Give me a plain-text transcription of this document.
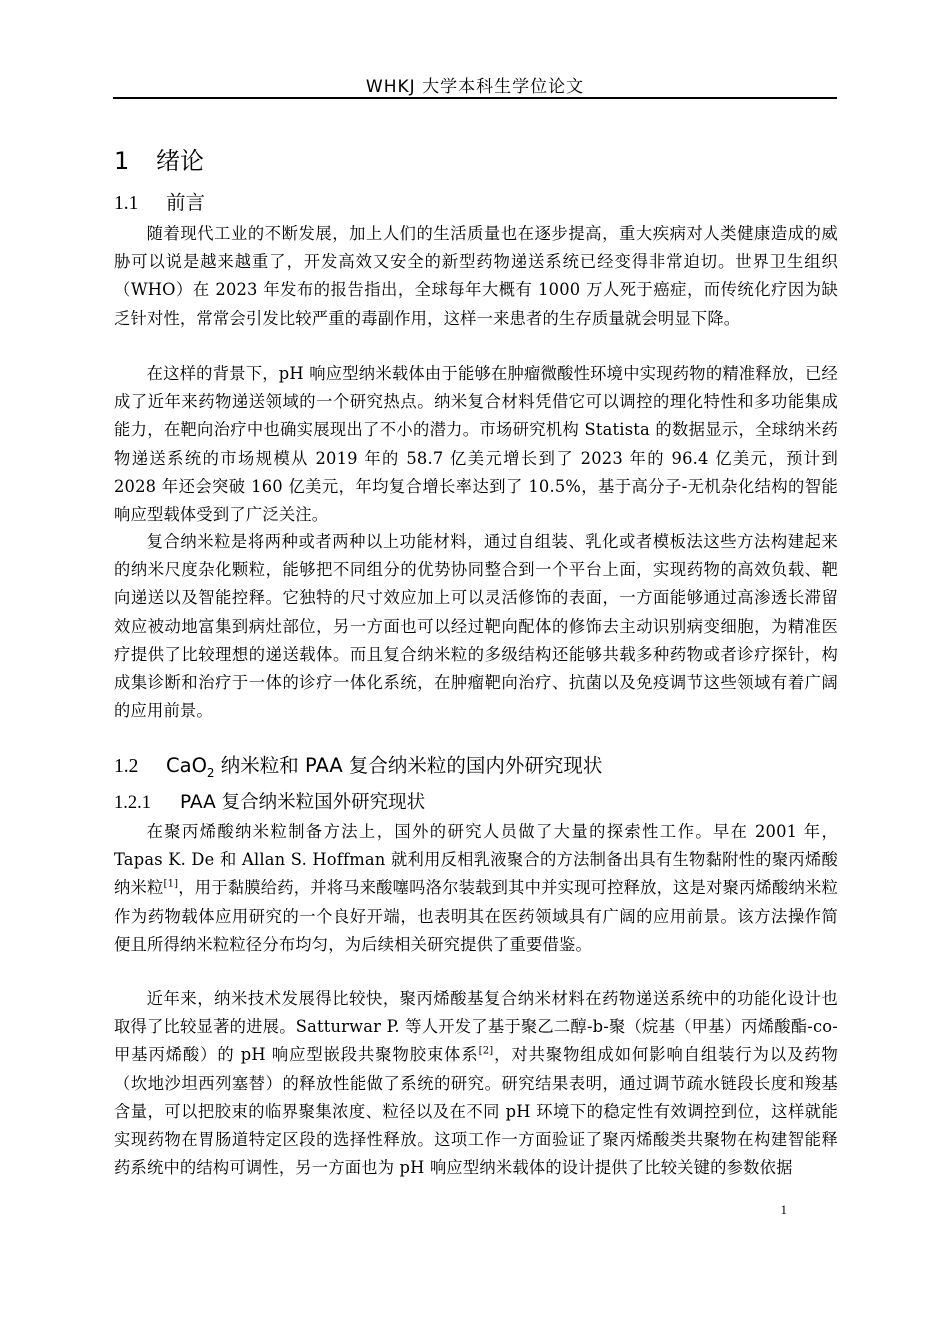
WHKJ 大学本科生学位论文
1 绪论
1.1 前言

随着现代工业的不断发展，加上人们的生活质量也在逐步提高，重大疾病对人类健康造成的威胁可以说是越来越重了，开发高效又安全的新型药物递送系统已经变得非常迫切。世界卫生组织（WHO）在 2023 年发布的报告指出，全球每年大概有 1000 万人死于癌症，而传统化疗因为缺乏针对性，常常会引发比较严重的毒副作用，这样一来患者的生存质量就会明显下降。

在这样的背景下，pH 响应型纳米载体由于能够在肿瘤微酸性环境中实现药物的精准释放，已经成了近年来药物递送领域的一个研究热点。纳米复合材料凭借它可以调控的理化特性和多功能集成能力，在靶向治疗中也确实展现出了不小的潜力。市场研究机构 Statista 的数据显示，全球纳米药物递送系统的市场规模从 2019 年的 58.7 亿美元增长到了 2023 年的 96.4 亿美元，预计到 2028 年还会突破 160 亿美元，年均复合增长率达到了 10.5%，基于高分子-无机杂化结构的智能响应型载体受到了广泛关注。

复合纳米粒是将两种或者两种以上功能材料，通过自组装、乳化或者模板法这些方法构建起来的纳米尺度杂化颗粒，能够把不同组分的优势协同整合到一个平台上面，实现药物的高效负载、靶向递送以及智能控释。它独特的尺寸效应加上可以灵活修饰的表面，一方面能够通过高渗透长滞留效应被动地富集到病灶部位，另一方面也可以经过靶向配体的修饰去主动识别病变细胞，为精准医疗提供了比较理想的递送载体。而且复合纳米粒的多级结构还能够共载多种药物或者诊疗探针，构成集诊断和治疗于一体的诊疗一体化系统，在肿瘤靶向治疗、抗菌以及免疫调节这些领域有着广阔的应用前景。

1.2 CaO$_2$ 纳米粒和 PAA 复合纳米粒的国内外研究现状
1.2.1 PAA 复合纳米粒国外研究现状

在聚丙烯酸纳米粒制备方法上，国外的研究人员做了大量的探索性工作。早在 2001 年， Tapas K. De 和 Allan S. Hoffman 就利用反相乳液聚合的方法制备出具有生物黏附性的聚丙烯酸纳米粒[1]，用于黏膜给药，并将马来酸噻吗洛尔装载到其中并实现可控释放，这是对聚丙烯酸纳米粒作为药物载体应用研究的一个良好开端，也表明其在医药领域具有广阔的应用前景。该方法操作简便且所得纳米粒粒径分布均匀，为后续相关研究提供了重要借鉴。

近年来，纳米技术发展得比较快，聚丙烯酸基复合纳米材料在药物递送系统中的功能化设计也取得了比较显著的进展。Satturwar P. 等人开发了基于聚乙二醇-b-聚（烷基（甲基）丙烯酸酯-co-甲基丙烯酸）的 pH 响应型嵌段共聚物胶束体系[2]，对共聚物组成如何影响自组装行为以及药物（坎地沙坦西列塞替）的释放性能做了系统的研究。研究结果表明，通过调节疏水链段长度和羧基含量，可以把胶束的临界聚集浓度、粒径以及在不同 pH 环境下的稳定性有效调控到位，这样就能实现药物在胃肠道特定区段的选择性释放。这项工作一方面验证了聚丙烯酸类共聚物在构建智能释药系统中的结构可调性，另一方面也为 pH 响应型纳米载体的设计提供了比较关键的参数依据

1
